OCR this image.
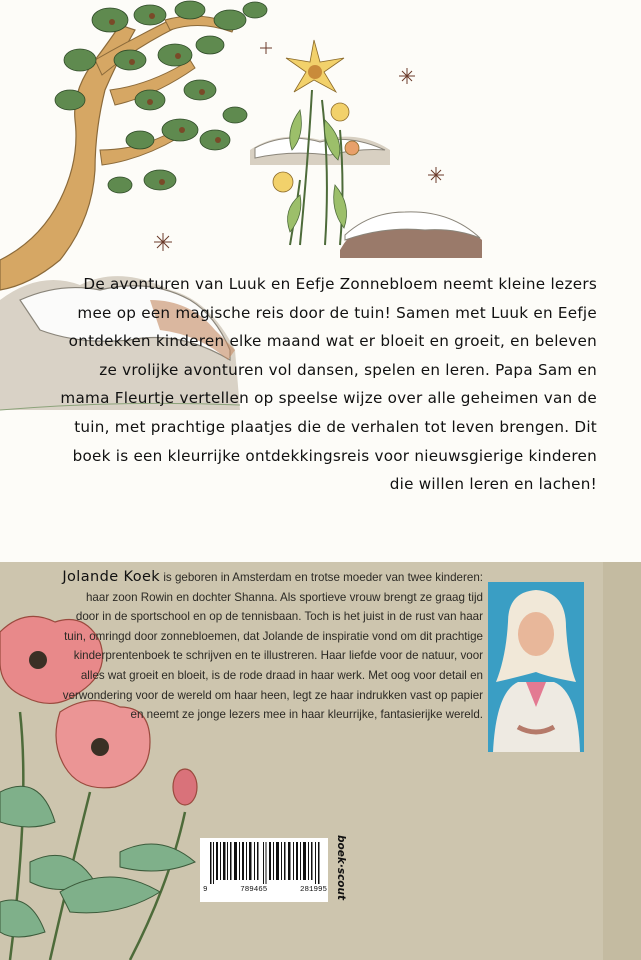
De avonturen van Luuk en Eefje Zonnebloem neemt kleine lezers mee op een magische reis door de tuin! Samen met Luuk en Eefje ontdekken kinderen elke maand wat er bloeit en groeit, en beleven ze vrolijke avonturen vol dansen, spelen en leren. Papa Sam en mama Fleurtje vertellen op speelse wijze over alle geheimen van de tuin, met prachtige plaatjes die de verhalen tot leven brengen. Dit boek is een kleurrijke ontdekkingsreis voor nieuwsgierige kinderen die willen leren en lachen!

Jolande Koek is geboren in Amsterdam en trotse moeder van twee kinderen: haar zoon Rowin en dochter Shanna. Als sportieve vrouw brengt ze graag tijd door in de sportschool en op de tennisbaan. Toch is het juist in de rust van haar tuin, omringd door zonnebloemen, dat Jolande de inspiratie vond om dit prachtige kinderprentenboek te schrijven en te illustreren. Haar liefde voor de natuur, voor alles wat groeit en bloeit, is de rode draad in haar werk. Met oog voor detail en verwondering voor de wereld om haar heen, legt ze haar indrukken vast op papier en neemt ze jonge lezers mee in haar kleurrijke, fantasierijke wereld.

9	789465	281995 boek·scout
